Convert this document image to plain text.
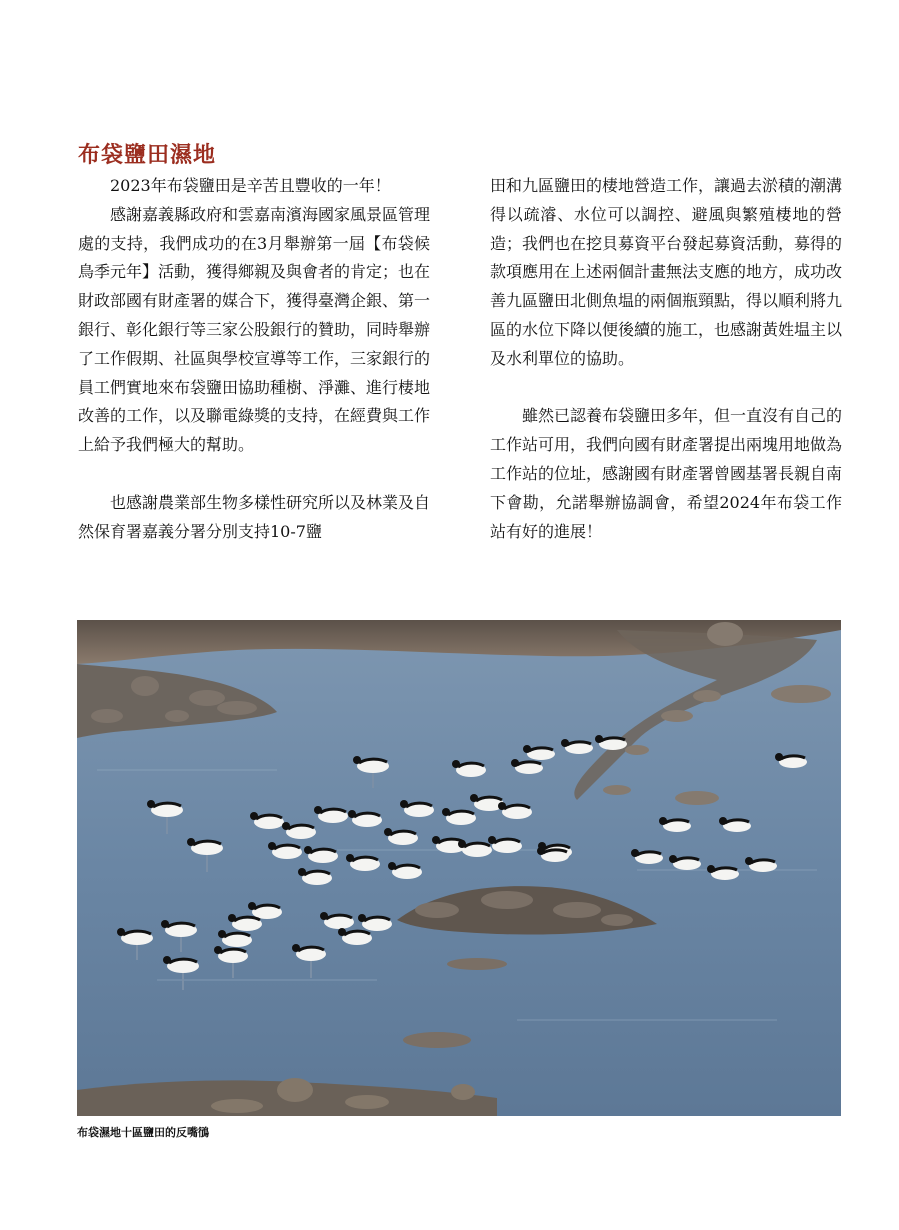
布袋鹽田濕地

2023年布袋鹽田是辛苦且豐收的一年！

感謝嘉義縣政府和雲嘉南濱海國家風景區管理處的支持，我們成功的在3月舉辦第一屆【布袋候鳥季元年】活動，獲得鄉親及與會者的肯定；也在財政部國有財產署的媒合下，獲得臺灣企銀、第一銀行、彰化銀行等三家公股銀行的贊助，同時舉辦了工作假期、社區與學校宣導等工作，三家銀行的員工們實地來布袋鹽田協助種樹、淨灘、進行棲地改善的工作，以及聯電綠獎的支持，在經費與工作上給予我們極大的幫助。

也感謝農業部生物多樣性研究所以及林業及自然保育署嘉義分署分別支持10-7鹽

田和九區鹽田的棲地營造工作，讓過去淤積的潮溝得以疏濬、水位可以調控、避風與繁殖棲地的營造；我們也在挖貝募資平台發起募資活動，募得的款項應用在上述兩個計畫無法支應的地方，成功改善九區鹽田北側魚塭的兩個瓶頸點，得以順利將九區的水位下降以便後續的施工，也感謝黃姓塭主以及水利單位的協助。

雖然已認養布袋鹽田多年，但一直沒有自己的工作站可用，我們向國有財產署提出兩塊用地做為工作站的位址，感謝國有財產署曾國基署長親自南下會勘，允諾舉辦協調會，希望2024年布袋工作站有好的進展！

布袋濕地十區鹽田的反嘴鴴
